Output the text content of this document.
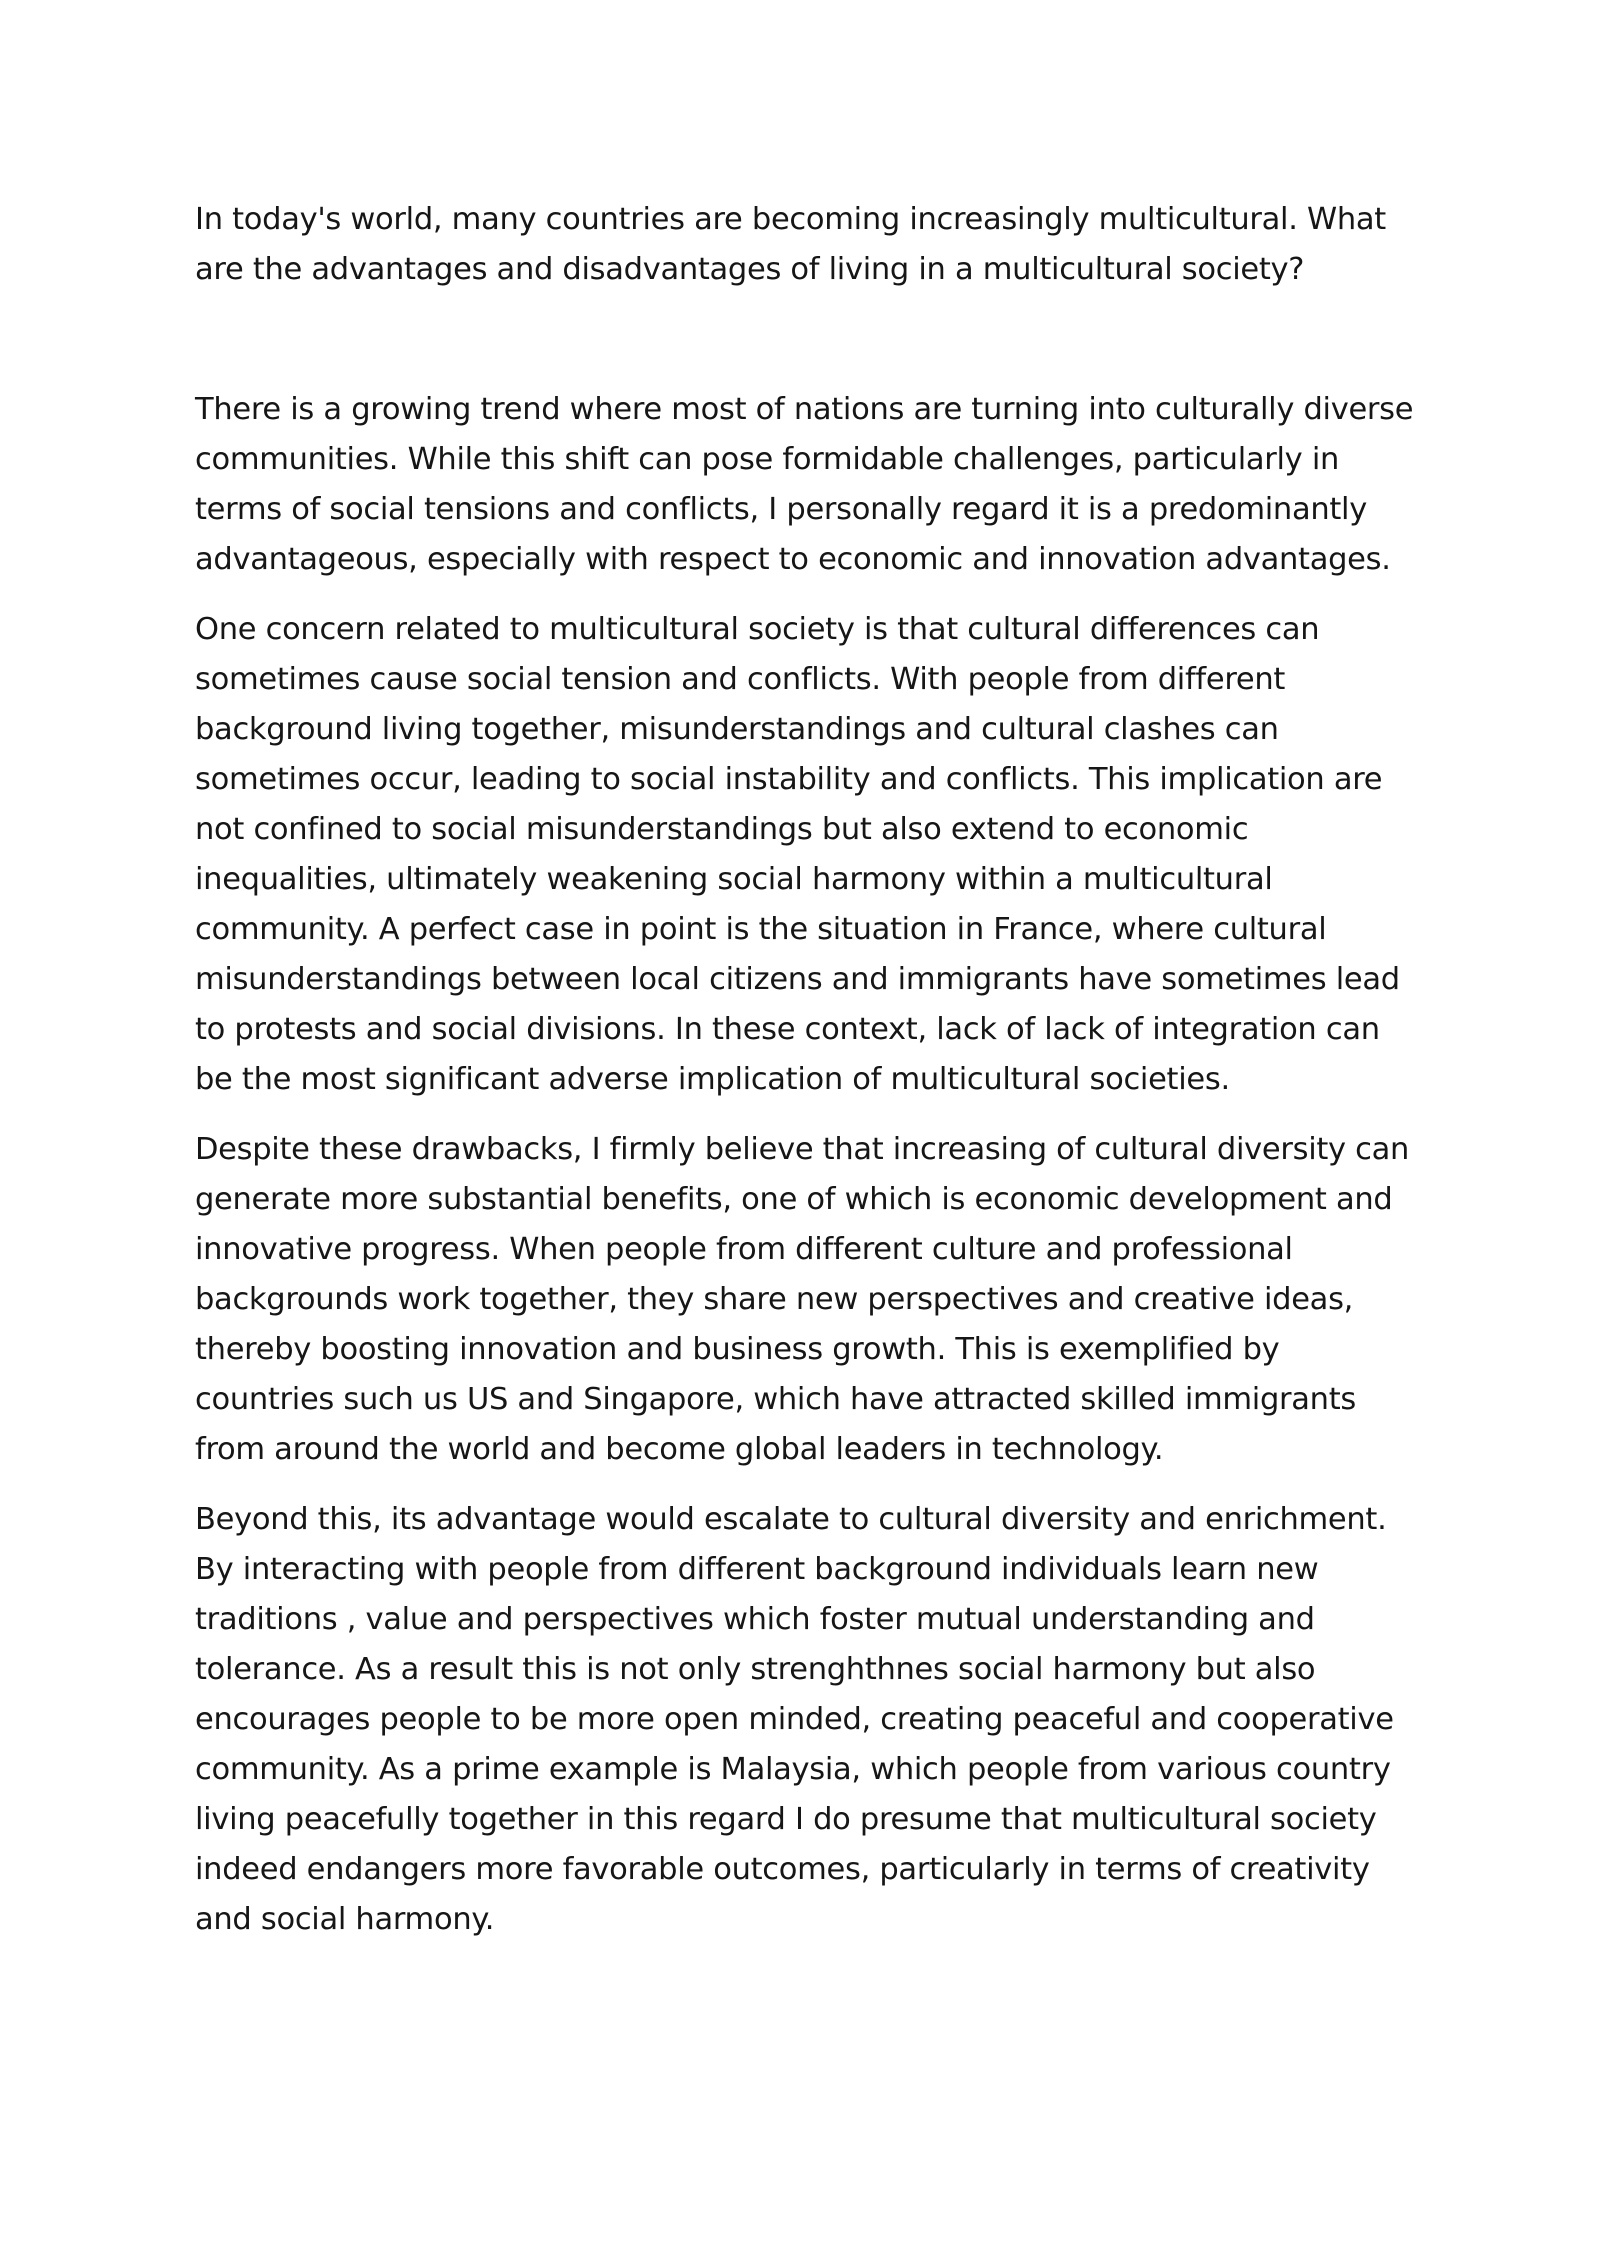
In today's world, many countries are becoming increasingly multicultural. What are the advantages and disadvantages of living in a multicultural society?

There is a growing trend where most of nations are turning into culturally diverse communities. While this shift can pose formidable challenges, particularly in terms of social tensions and conflicts, I personally regard it is a predominantly advantageous, especially with respect to economic and innovation advantages.

One concern related to multicultural society is that cultural differences can sometimes cause social tension and conflicts. With people from different background living together, misunderstandings and cultural clashes can sometimes occur, leading to social instability and conflicts. This implication are not confined to social misunderstandings but also extend to economic inequalities, ultimately weakening social harmony within a multicultural community. A perfect case in point is the situation in France, where cultural misunderstandings between local citizens and immigrants have sometimes lead to protests and social divisions. In these context, lack of lack of integration can be the most significant adverse implication of multicultural societies.

Despite these drawbacks, I firmly believe that increasing of cultural diversity can generate more substantial benefits, one of which is economic development and innovative progress. When people from different culture and professional backgrounds work together, they share new perspectives and creative ideas, thereby boosting innovation and business growth. This is exemplified by countries such us US and Singapore, which have attracted skilled immigrants from around the world and become global leaders in technology.

Beyond this, its advantage would escalate to cultural diversity and enrichment. By interacting with people from different background individuals learn new traditions , value and perspectives which foster mutual understanding and tolerance. As a result this is not only strenghthnes social harmony but also encourages people to be more open minded, creating peaceful and cooperative community. As a prime example is Malaysia, which people from various country living peacefully together in this regard I do presume that multicultural society indeed endangers more favorable outcomes, particularly in terms of creativity and social harmony.
